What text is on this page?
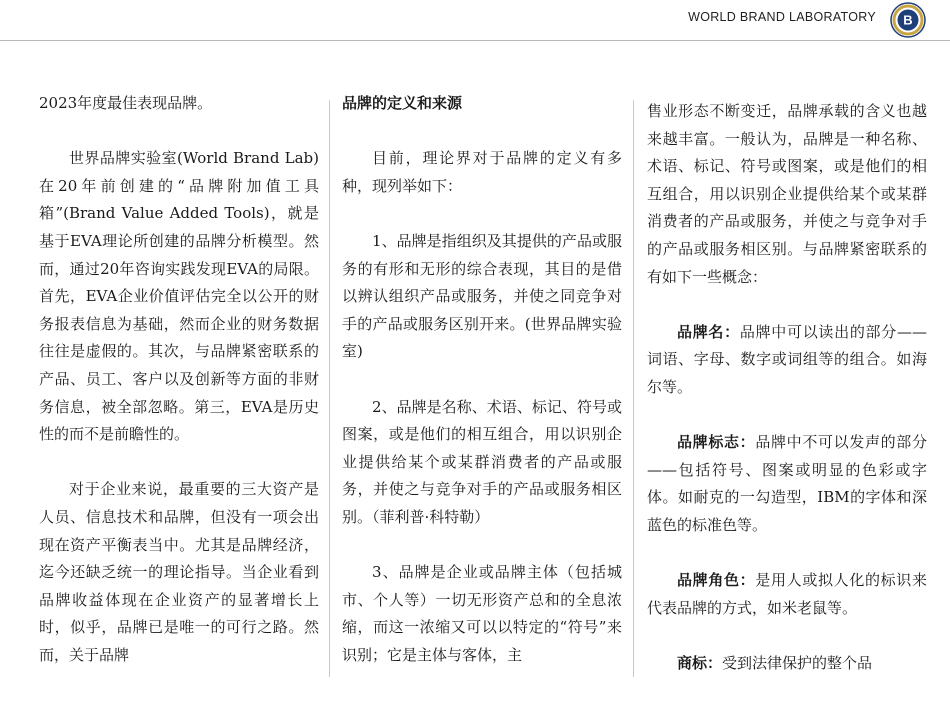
WORLD BRAND LABORATORY B

2023年度最佳表现品牌。

世界品牌实验室(World Brand Lab)在20年前创建的“品牌附加值工具箱”(Brand Value Added Tools)，就是基于EVA理论所创建的品牌分析模型。然而，通过20年咨询实践发现EVA的局限。首先，EVA企业价值评估完全以公开的财务报表信息为基础，然而企业的财务数据往往是虚假的。其次，与品牌紧密联系的产品、员工、客户以及创新等方面的非财务信息，被全部忽略。第三，EVA是历史性的而不是前瞻性的。

对于企业来说，最重要的三大资产是人员、信息技术和品牌，但没有一项会出现在资产平衡表当中。尤其是品牌经济，迄今还缺乏统一的理论指导。当企业看到品牌收益体现在企业资产的显著增长上时，似乎，品牌已是唯一的可行之路。然而，关于品牌

品牌的定义和来源

目前，理论界对于品牌的定义有多种，现列举如下：

1、品牌是指组织及其提供的产品或服务的有形和无形的综合表现，其目的是借以辨认组织产品或服务，并使之同竞争对手的产品或服务区别开来。(世界品牌实验室)

2、品牌是名称、术语、标记、符号或图案，或是他们的相互组合，用以识别企业提供给某个或某群消费者的产品或服务，并使之与竞争对手的产品或服务相区别。（菲利普·科特勒）

3、品牌是企业或品牌主体（包括城市、个人等）一切无形资产总和的全息浓缩，而这一浓缩又可以以特定的“符号”来识别；它是主体与客体，主

售业形态不断变迁，品牌承载的含义也越来越丰富。一般认为，品牌是一种名称、术语、标记、符号或图案，或是他们的相互组合，用以识别企业提供给某个或某群消费者的产品或服务，并使之与竞争对手的产品或服务相区别。与品牌紧密联系的有如下一些概念：

品牌名：品牌中可以读出的部分——词语、字母、数字或词组等的组合。如海尔等。

品牌标志：品牌中不可以发声的部分——包括符号、图案或明显的色彩或字体。如耐克的一勾造型，IBM的字体和深蓝色的标准色等。

品牌角色：是用人或拟人化的标识来代表品牌的方式，如米老鼠等。

商标：受到法律保护的整个品
